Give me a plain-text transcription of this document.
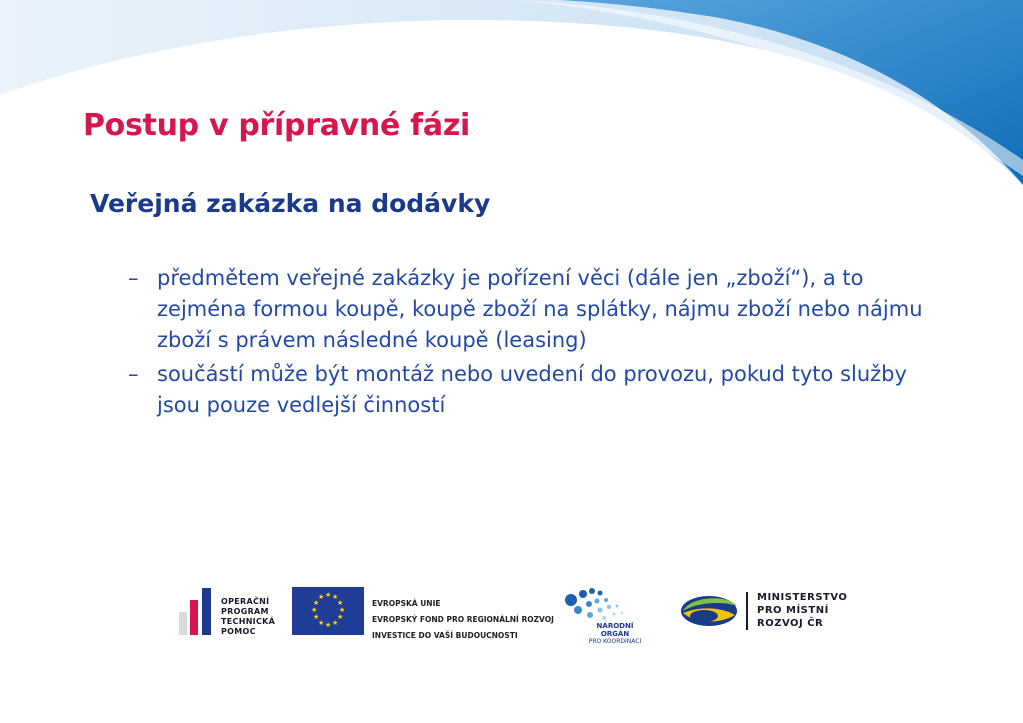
Postup v přípravné fázi
Veřejná zakázka na dodávky
– předmětem veřejné zakázky je pořízení věci (dále jen „zboží“), a to zejména formou koupě, koupě zboží na splátky, nájmu zboží nebo nájmu zboží s právem následné koupě (leasing)
– součástí může být montáž nebo uvedení do provozu, pokud tyto služby jsou pouze vedlejší činností
★ ★
★
★
★
★
★
★
★
★
★
★
OPERAČNÍ
PROGRAM
TECHNICKÁ
POMOC
EVROPSKÁ UNIE
EVROPSKÝ FOND PRO REGIONÁLNÍ ROZVOJ
INVESTICE DO VAŠÍ BUDOUCNOSTI
NÁRODNÍ ORGÁN
PRO KOORDINACI
MINISTERSTVO
PRO MÍSTNÍ
ROZVOJ ČR
